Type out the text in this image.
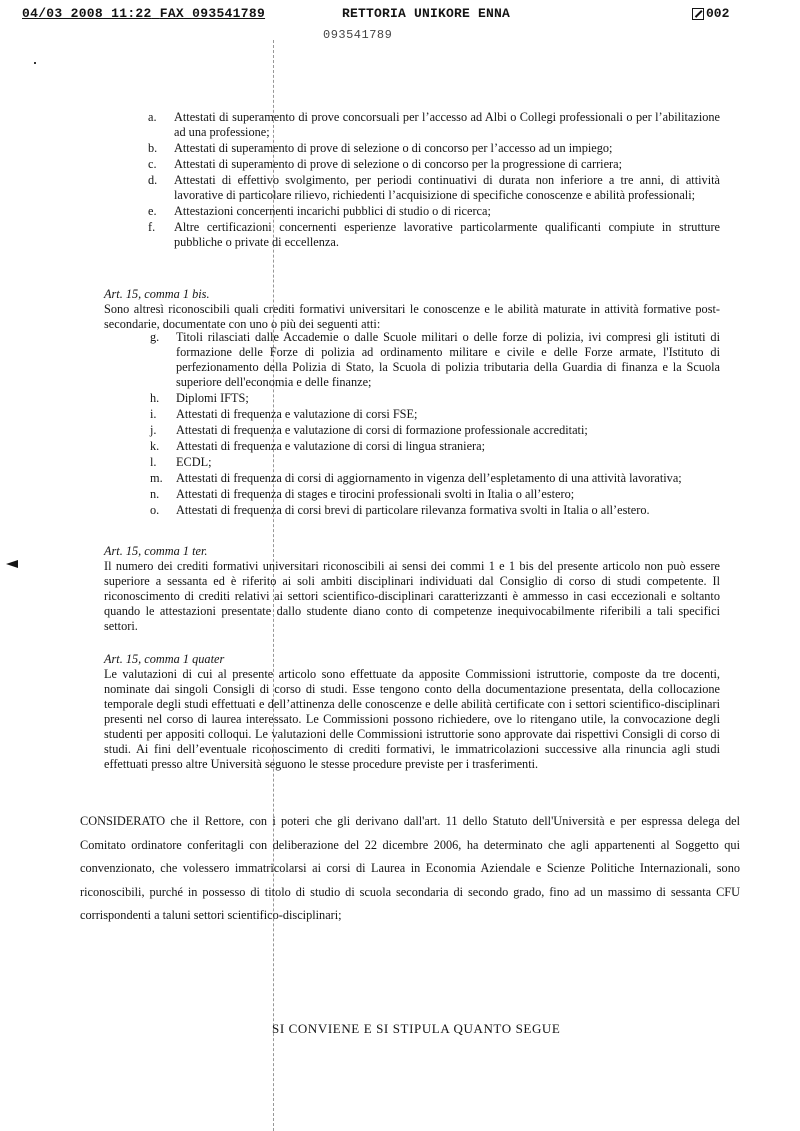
04/03 2008 11:22 FAX 093541789	RETTORIA UNIKORE ENNA	002
093541789
a. Attestati di superamento di prove concorsuali per l’accesso ad Albi o Collegi professionali o per l’abilitazione ad una professione;
b. Attestati di superamento di prove di selezione o di concorso per l’accesso ad un impiego;
c. Attestati di superamento di prove di selezione o di concorso per la progressione di carriera;
d. Attestati di effettivo svolgimento, per periodi continuativi di durata non inferiore a tre anni, di attività lavorative di particolare rilievo, richiedenti l’acquisizione di specifiche conoscenze e abilità professionali;
e. Attestazioni concernenti incarichi pubblici di studio o di ricerca;
f. Altre certificazioni concernenti esperienze lavorative particolarmente qualificanti compiute in strutture pubbliche o private di eccellenza.
Art. 15, comma 1 bis.
Sono altresì riconoscibili quali crediti formativi universitari le conoscenze e le abilità maturate in attività formative post-secondarie, documentate con uno o più dei seguenti atti:
g. Titoli rilasciati dalle Accademie o dalle Scuole militari o delle forze di polizia, ivi compresi gli istituti di formazione delle Forze di polizia ad ordinamento militare e civile e delle Forze armate, l'Istituto di perfezionamento della Polizia di Stato, la Scuola di polizia tributaria della Guardia di finanza e la Scuola superiore dell'economia e delle finanze;
h. Diplomi IFTS;
i. Attestati di frequenza e valutazione di corsi FSE;
j. Attestati di frequenza e valutazione di corsi di formazione professionale accreditati;
k. Attestati di frequenza e valutazione di corsi di lingua straniera;
l. ECDL;
m. Attestati di frequenza di corsi di aggiornamento in vigenza dell’espletamento di una attività lavorativa;
n. Attestati di frequenza di stages e tirocini professionali svolti in Italia o all’estero;
o. Attestati di frequenza di corsi brevi di particolare rilevanza formativa svolti in Italia o all’estero.
Art. 15, comma 1 ter.
Il numero dei crediti formativi universitari riconoscibili ai sensi dei commi 1 e 1 bis del presente articolo non può essere superiore a sessanta ed è riferito ai soli ambiti disciplinari individuati dal Consiglio di corso di studi competente. Il riconoscimento di crediti relativi ai settori scientifico-disciplinari caratterizzanti è ammesso in casi eccezionali e soltanto quando le attestazioni presentate dallo studente diano conto di competenze inequivocabilmente riferibili a tali specifici settori.
Art. 15, comma 1 quater
Le valutazioni di cui al presente articolo sono effettuate da apposite Commissioni istruttorie, composte da tre docenti, nominate dai singoli Consigli di corso di studi. Esse tengono conto della documentazione presentata, della collocazione temporale degli studi effettuati e dell’attinenza delle conoscenze e delle abilità certificate con i settori scientifico-disciplinari presenti nel corso di laurea interessato. Le Commissioni possono richiedere, ove lo ritengano utile, la convocazione degli studenti per appositi colloqui. Le valutazioni delle Commissioni istruttorie sono approvate dai rispettivi Consigli di corso di studi. Ai fini dell’eventuale riconoscimento di crediti formativi, le immatricolazioni successive alla rinuncia agli studi effettuati presso altre Università seguono le stesse procedure previste per i trasferimenti.
CONSIDERATO che il Rettore, con i poteri che gli derivano dall'art. 11 dello Statuto dell'Università e per espressa delega del Comitato ordinatore conferitagli con deliberazione del 22 dicembre 2006, ha determinato che agli appartenenti al Soggetto qui convenzionato, che volessero immatricolarsi ai corsi di Laurea in Economia Aziendale e Scienze Politiche Internazionali, sono riconoscibili, purché in possesso di titolo di studio di scuola secondaria di secondo grado, fino ad un massimo di sessanta CFU corrispondenti a taluni settori scientifico-disciplinari;
SI CONVIENE E SI STIPULA QUANTO SEGUE
